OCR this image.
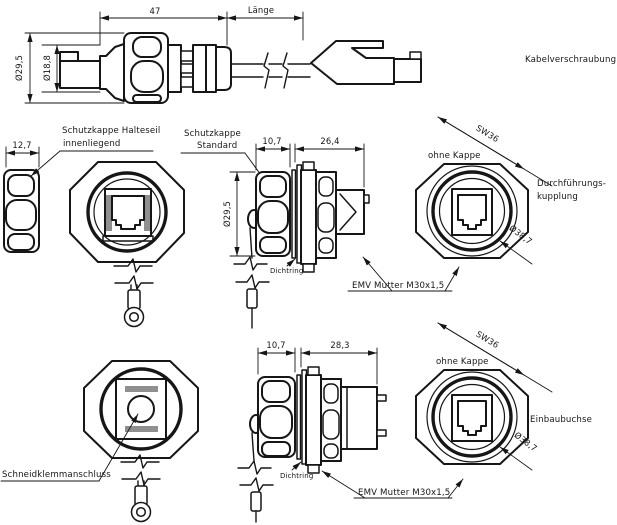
47	Länge
Ø29,5 Ø18,8	Kabelverschraubung
12,7
Schutzkappe Halteseil
innenliegend	10,7	26,4
Ø29,5
Schutzkappe
Standard
Dichtring
EMV Mutter M30x1,5
SW36
ohne Kappe
Ø38,7
Durchführungs-
kupplung
Schneidklemmanschluss
10,7	28,3
Dichtring
EMV Mutter M30x1,5
SW36
ohne Kappe
Ø38,7
Einbaubuchse
